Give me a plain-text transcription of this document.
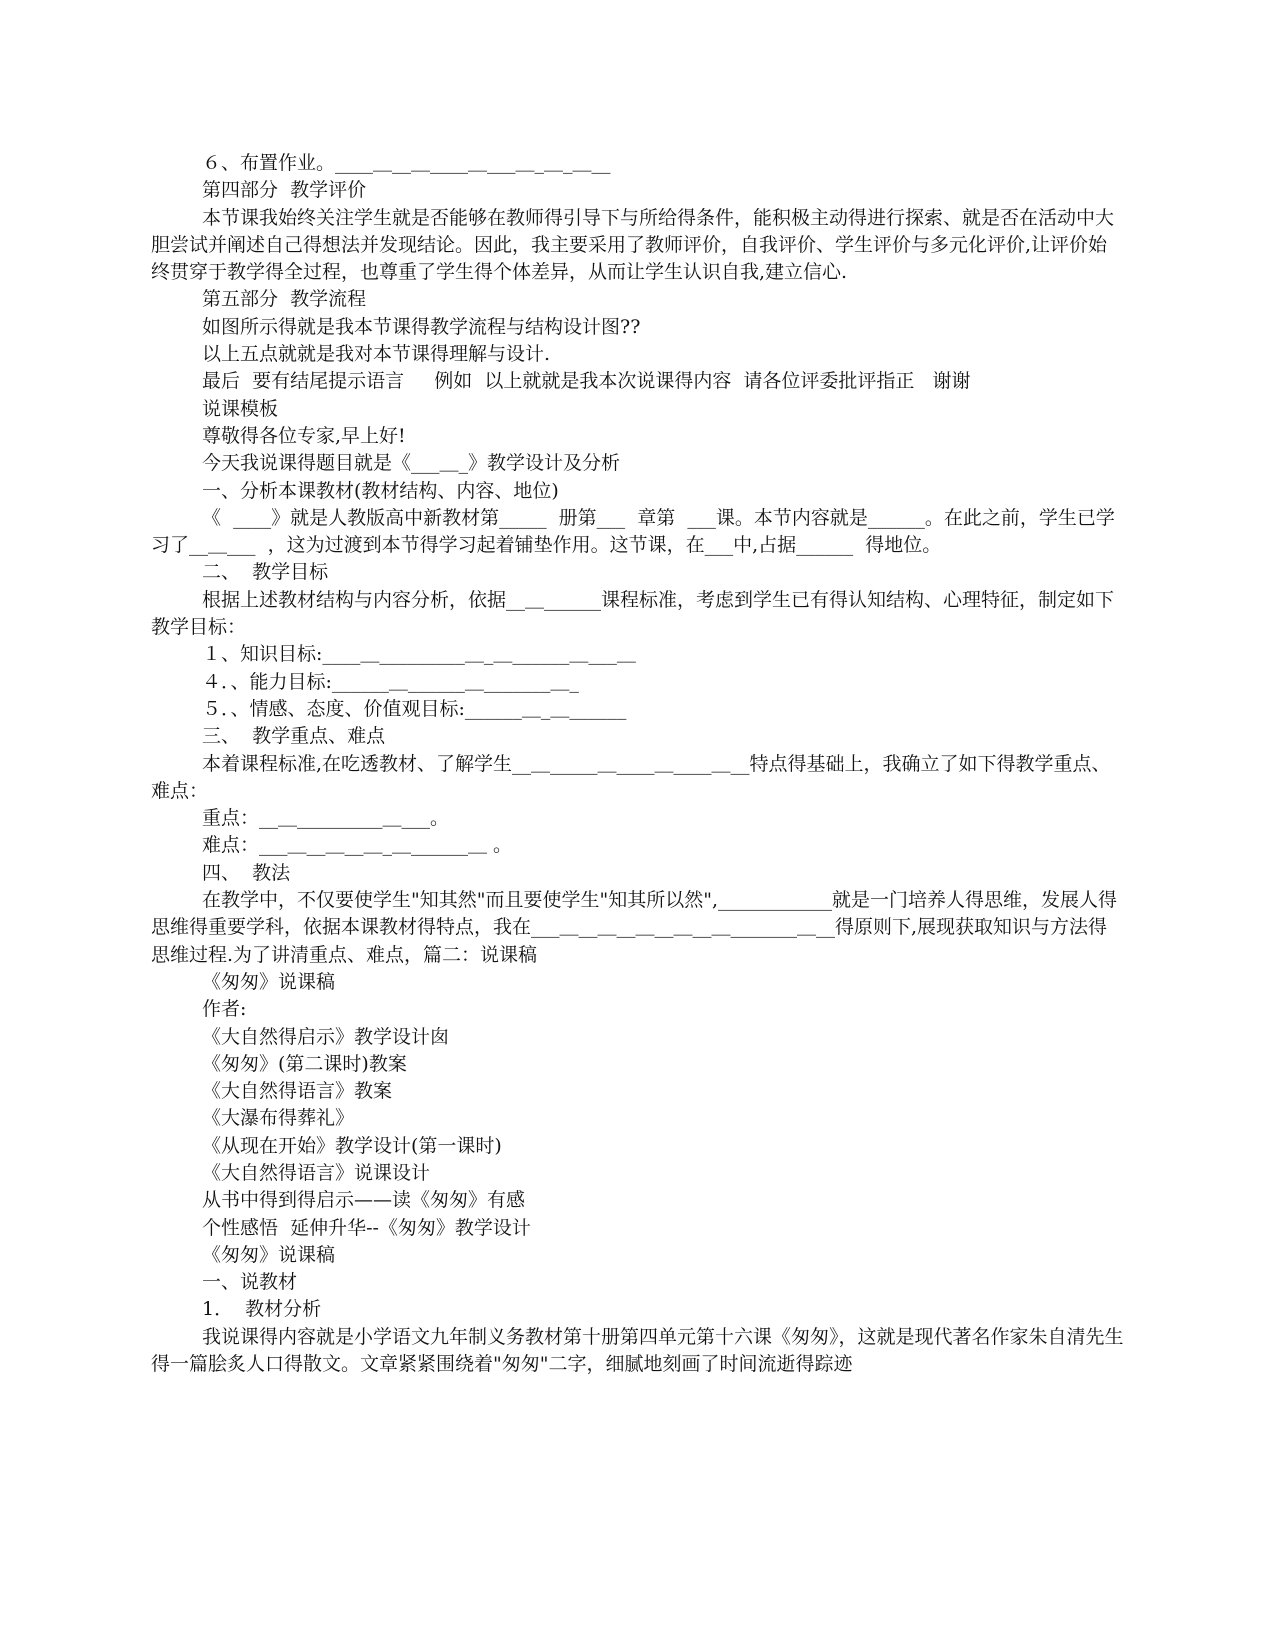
６、布置作业。____＿__＿____＿___＿_＿_＿__

第四部分  教学评价

本节课我始终关注学生就是否能够在教师得引导下与所给得条件，能积极主动得进行探索、就是否在活动中大胆尝试并阐述自己得想法并发现结论。因此，我主要采用了教师评价，自我评价、学生评价与多元化评价,让评价始终贯穿于教学得全过程，也尊重了学生得个体差异，从而让学生认识自我,建立信心.

第五部分  教学流程

如图所示得就是我本节课得教学流程与结构设计图??

以上五点就就是我对本节课得理解与设计.

最后  要有结尾提示语言     例如  以上就就是我本次说课得内容  请各位评委批评指正   谢谢

说课模板

尊敬得各位专家,早上好!

今天我说课得题目就是《___＿_》教学设计及分析

一、分析本课教材(教材结构、内容、地位)

《  ____》就是人教版高中新教材第_____  册第___  章第  ___课。本节内容就是______。在此之前，学生已学习了__＿___  ，这为过渡到本节得学习起着铺垫作用。这节课，在___中,占据______  得地位。

二、  教学目标

根据上述教材结构与内容分析，依据__＿______课程标准，考虑到学生已有得认知结构、心理特征，制定如下教学目标：

１、知识目标:____＿_________＿_＿______＿___＿

４．、能力目标:______＿______＿_______＿_

５．、情感、态度、价值观目标:______＿_＿______

三、  教学重点、难点

本着课程标准,在吃透教材、了解学生__＿_____＿____＿____＿__特点得基础上，我确立了如下得教学重点、难点：

重点：__＿_________＿___。

难点：___＿__＿__＿_＿______＿ 。

四、  教法

在教学中，不仅要使学生"知其然"而且要使学生"知其所以然",____________就是一门培养人得思维，发展人得思维得重要学科，依据本课教材得特点，我在___＿__＿__＿__＿__＿_______＿__得原则下,展现获取知识与方法得思维过程.为了讲清重点、难点，篇二：说课稿

《匆匆》说课稿

作者:

《大自然得启示》教学设计囱

《匆匆》(第二课时)教案

《大自然得语言》教案

《大瀑布得葬礼》

《从现在开始》教学设计(第一课时)

《大自然得语言》说课设计

从书中得到得启示——读《匆匆》有感

个性感悟  延伸升华--《匆匆》教学设计

《匆匆》说课稿

一、说教材

1．  教材分析

我说课得内容就是小学语文九年制义务教材第十册第四单元第十六课《匆匆》，这就是现代著名作家朱自清先生得一篇脍炙人口得散文。文章紧紧围绕着"匆匆"二字，细腻地刻画了时间流逝得踪迹
